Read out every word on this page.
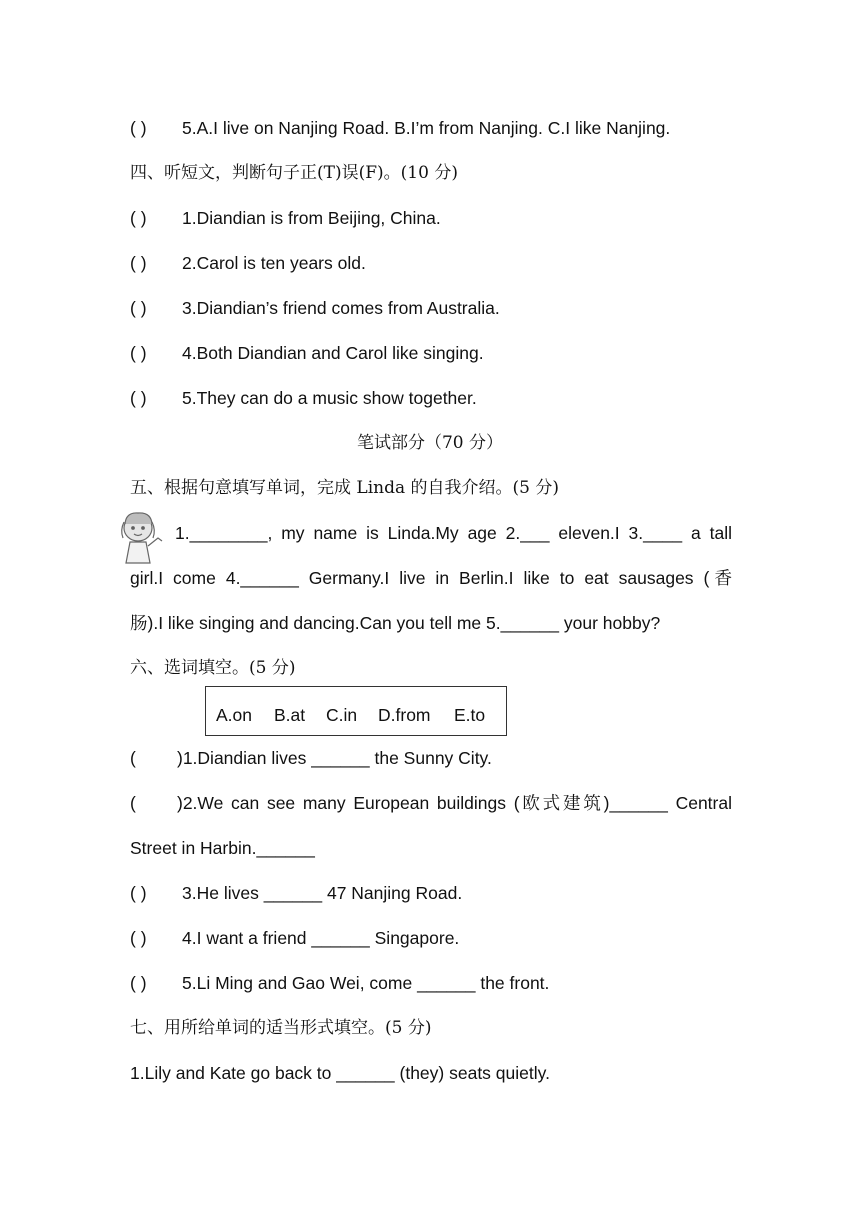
( ) 5.A.I live on Nanjing Road. B.I’m from Nanjing. C.I like Nanjing.
四、听短文，判断句子正(T)误(F)。(10 分)
( ) 1.Diandian is from Beijing, China.
( ) 2.Carol is ten years old.
( ) 3.Diandian’s friend comes from Australia.
( ) 4.Both Diandian and Carol like singing.
( ) 5.They can do a music show together.
笔试部分（70 分）
五、根据句意填写单词，完成 Linda 的自我介绍。(5 分)
1.________, my name is Linda.My age 2.___ eleven.I 3.____ a tall
girl.I come 4.______ Germany.I live in Berlin.I like to eat sausages (香
肠).I like singing and dancing.Can you tell me 5.______ your hobby?
六、选词填空。(5 分)
A.on B.at C.in D.from E.to
( )1.Diandian lives ______ the Sunny City.
( )2.We can see many European buildings (欧式建筑)______ Central
Street in Harbin.______
( ) 3.He lives ______ 47 Nanjing Road.
( ) 4.I want a friend ______ Singapore.
( ) 5.Li Ming and Gao Wei, come ______ the front.
七、用所给单词的适当形式填空。(5 分)
1.Lily and Kate go back to ______ (they) seats quietly.
